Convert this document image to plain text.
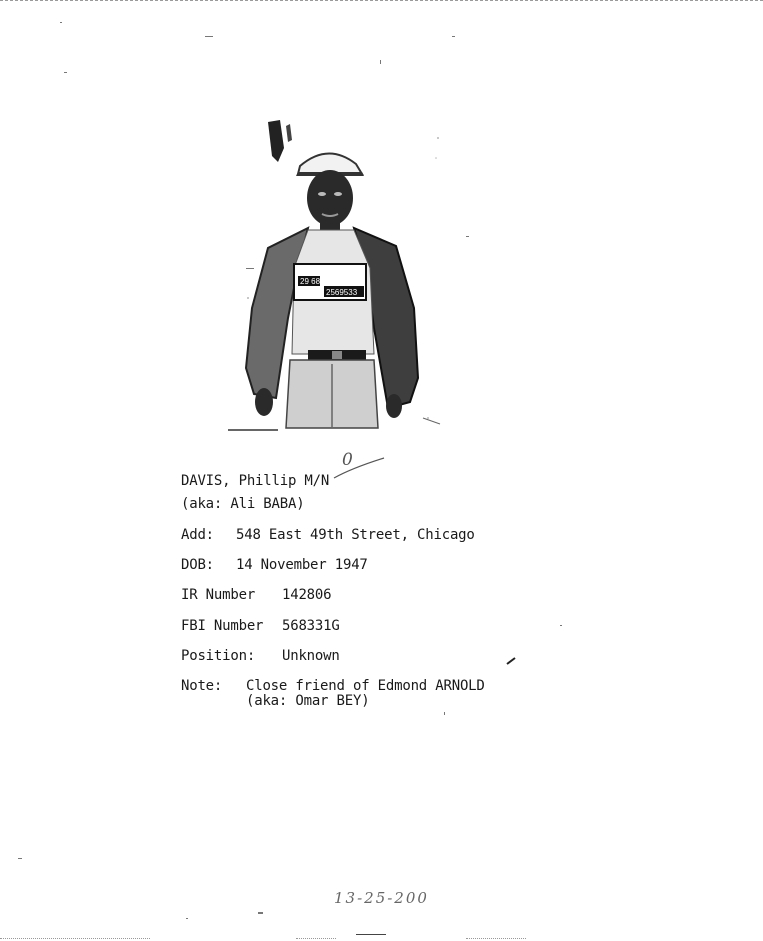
29 68
2569533
0
DAVIS, Phillip M/N
(aka: Ali BABA)
Add: 548 East 49th Street, Chicago
DOB: 14 November 1947
IR Number 142806
FBI Number 568331G
Position: Unknown
Note: Close friend of Edmond ARNOLD
(aka: Omar BEY)
13-25-200
